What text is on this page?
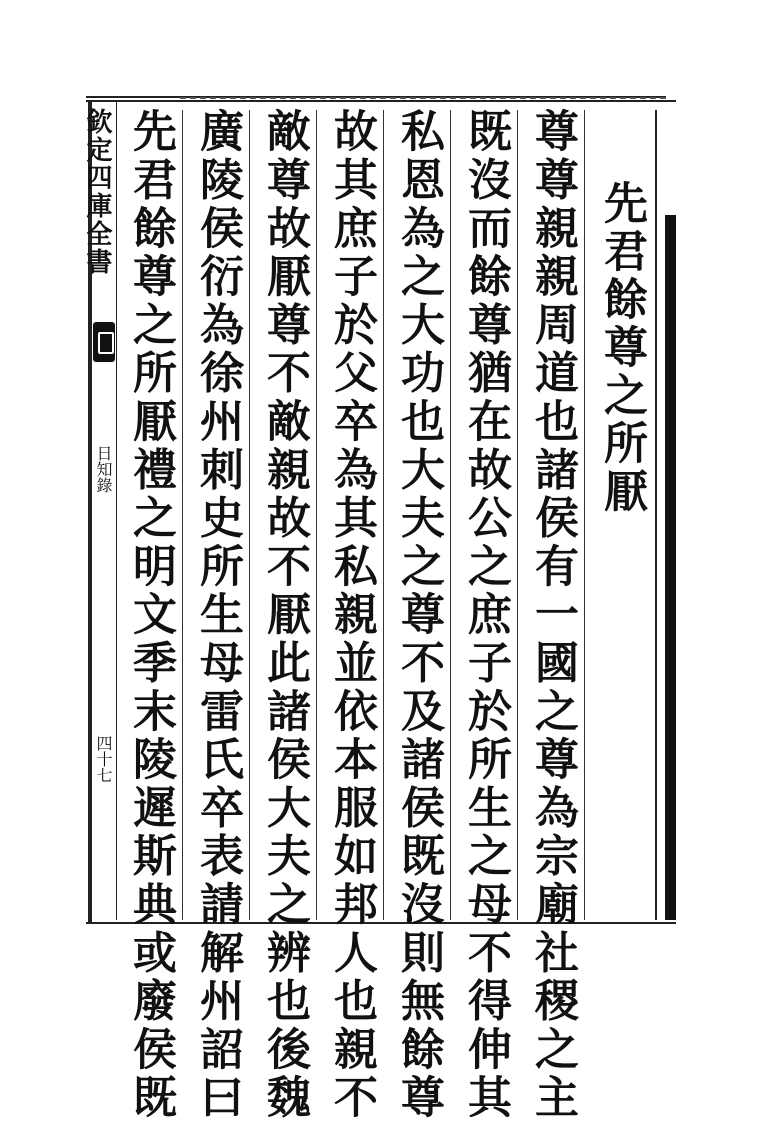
欽定四庫全書
日知錄
四十七
先君餘尊之所厭
尊尊親親周道也諸侯有一國之尊為宗廟社稷之主
既沒而餘尊猶在故公之庶子於所生之母不得伸其
私恩為之大功也大夫之尊不及諸侯既沒則無餘尊
故其庶子於父卒為其私親並依本服如邦人也親不
敵尊故厭尊不敵親故不厭此諸侯大夫之辨也後魏
廣陵侯衍為徐州刺史所生母雷氏卒表請解州詔曰
先君餘尊之所厭禮之明文季末陵遲斯典或廢侯既
